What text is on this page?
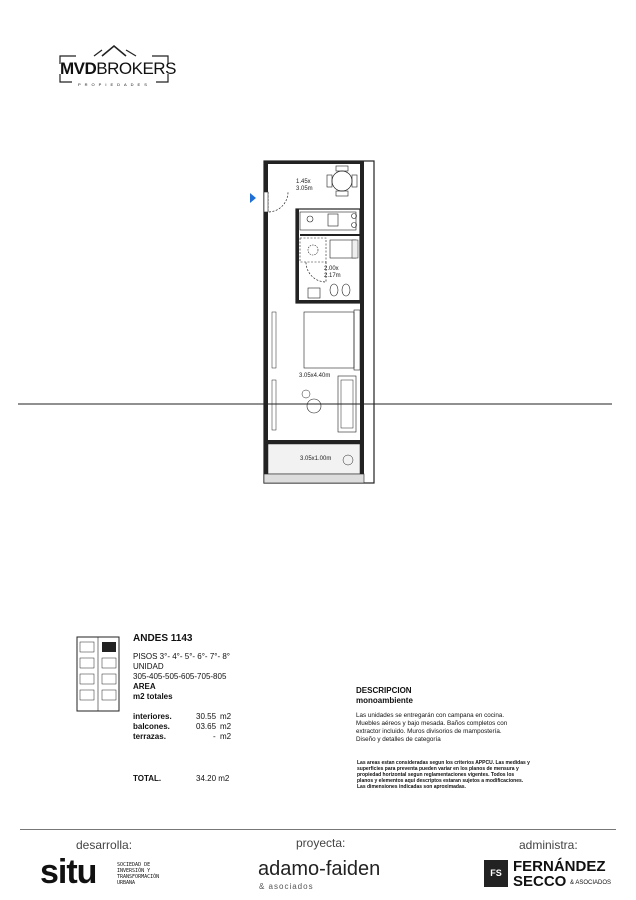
MVDBROKERS
PROPIEDADES
1.45x 3.05m
2.00x 2.17m
3.05x4.40m
3.05x1.00m
ANDES 1143
PISOS 3°- 4°- 5°- 6°- 7°- 8°
UNIDAD
305-405-505-605-705-805
AREA
m2 totales
interiores.	30.55 m2
balcones.	03.65 m2
terrazas.	- m2
TOTAL.	34.20 m2
DESCRIPCION
monoambiente
Las unidades se entregarán con campana en cocina.
Muebles aéreos y bajo mesada. Baños completos con
extractor incluido. Muros divisorios de mampostería.
Diseño y detalles de categoría
Las areas estan consideradas segun los criterios APPCU. Las medidas y
superficies para preventa pueden variar en los planos de mensura y
propiedad horizontal segun reglamentaciones vigentes. Todos los
planos y elementos aqui descriptos estaran sujetos a modificaciones.
Las dimensiones indicadas son aproximadas.
desarrolla:	proyecta:	administra:
situ	SOCIEDAD DE
INVERSIÓN Y
TRANSFORMACIÓN
URBANA
adamo-faiden
& asociados
FS FERNÁNDEZ
SECCO & ASOCIADOS
